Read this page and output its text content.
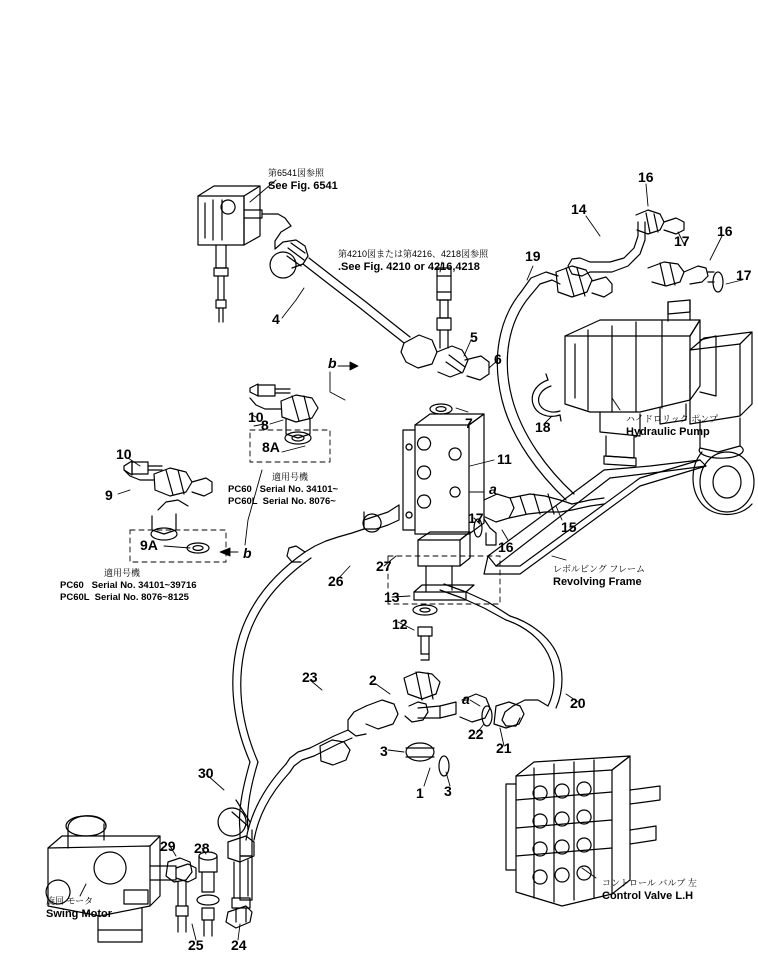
第6541図参照
See Fig. 6541
第4210図または第4216、4218図参照
.See Fig. 4210 or 4216,4218
適用号機
PC60   Serial No. 34101~
PC60L  Serial No. 8076~
適用号機
PC60   Serial No. 34101~39716
PC60L  Serial No. 8076~8125
ハイドロリック ポンプ
Hydraulic Pump
レボルビング フレーム
Revolving Frame
コントロール バルブ 左
Control Valve L.H
旋回 モータ
Swing Motor
4
5
6
7
8
8A
9
9A
10
10	11
12
13
14
15
16
16
16
17
17
17
18
19
20
21
22
23
24
25
26
27
28
29
30
1
2
3
3
a
a
b
b
